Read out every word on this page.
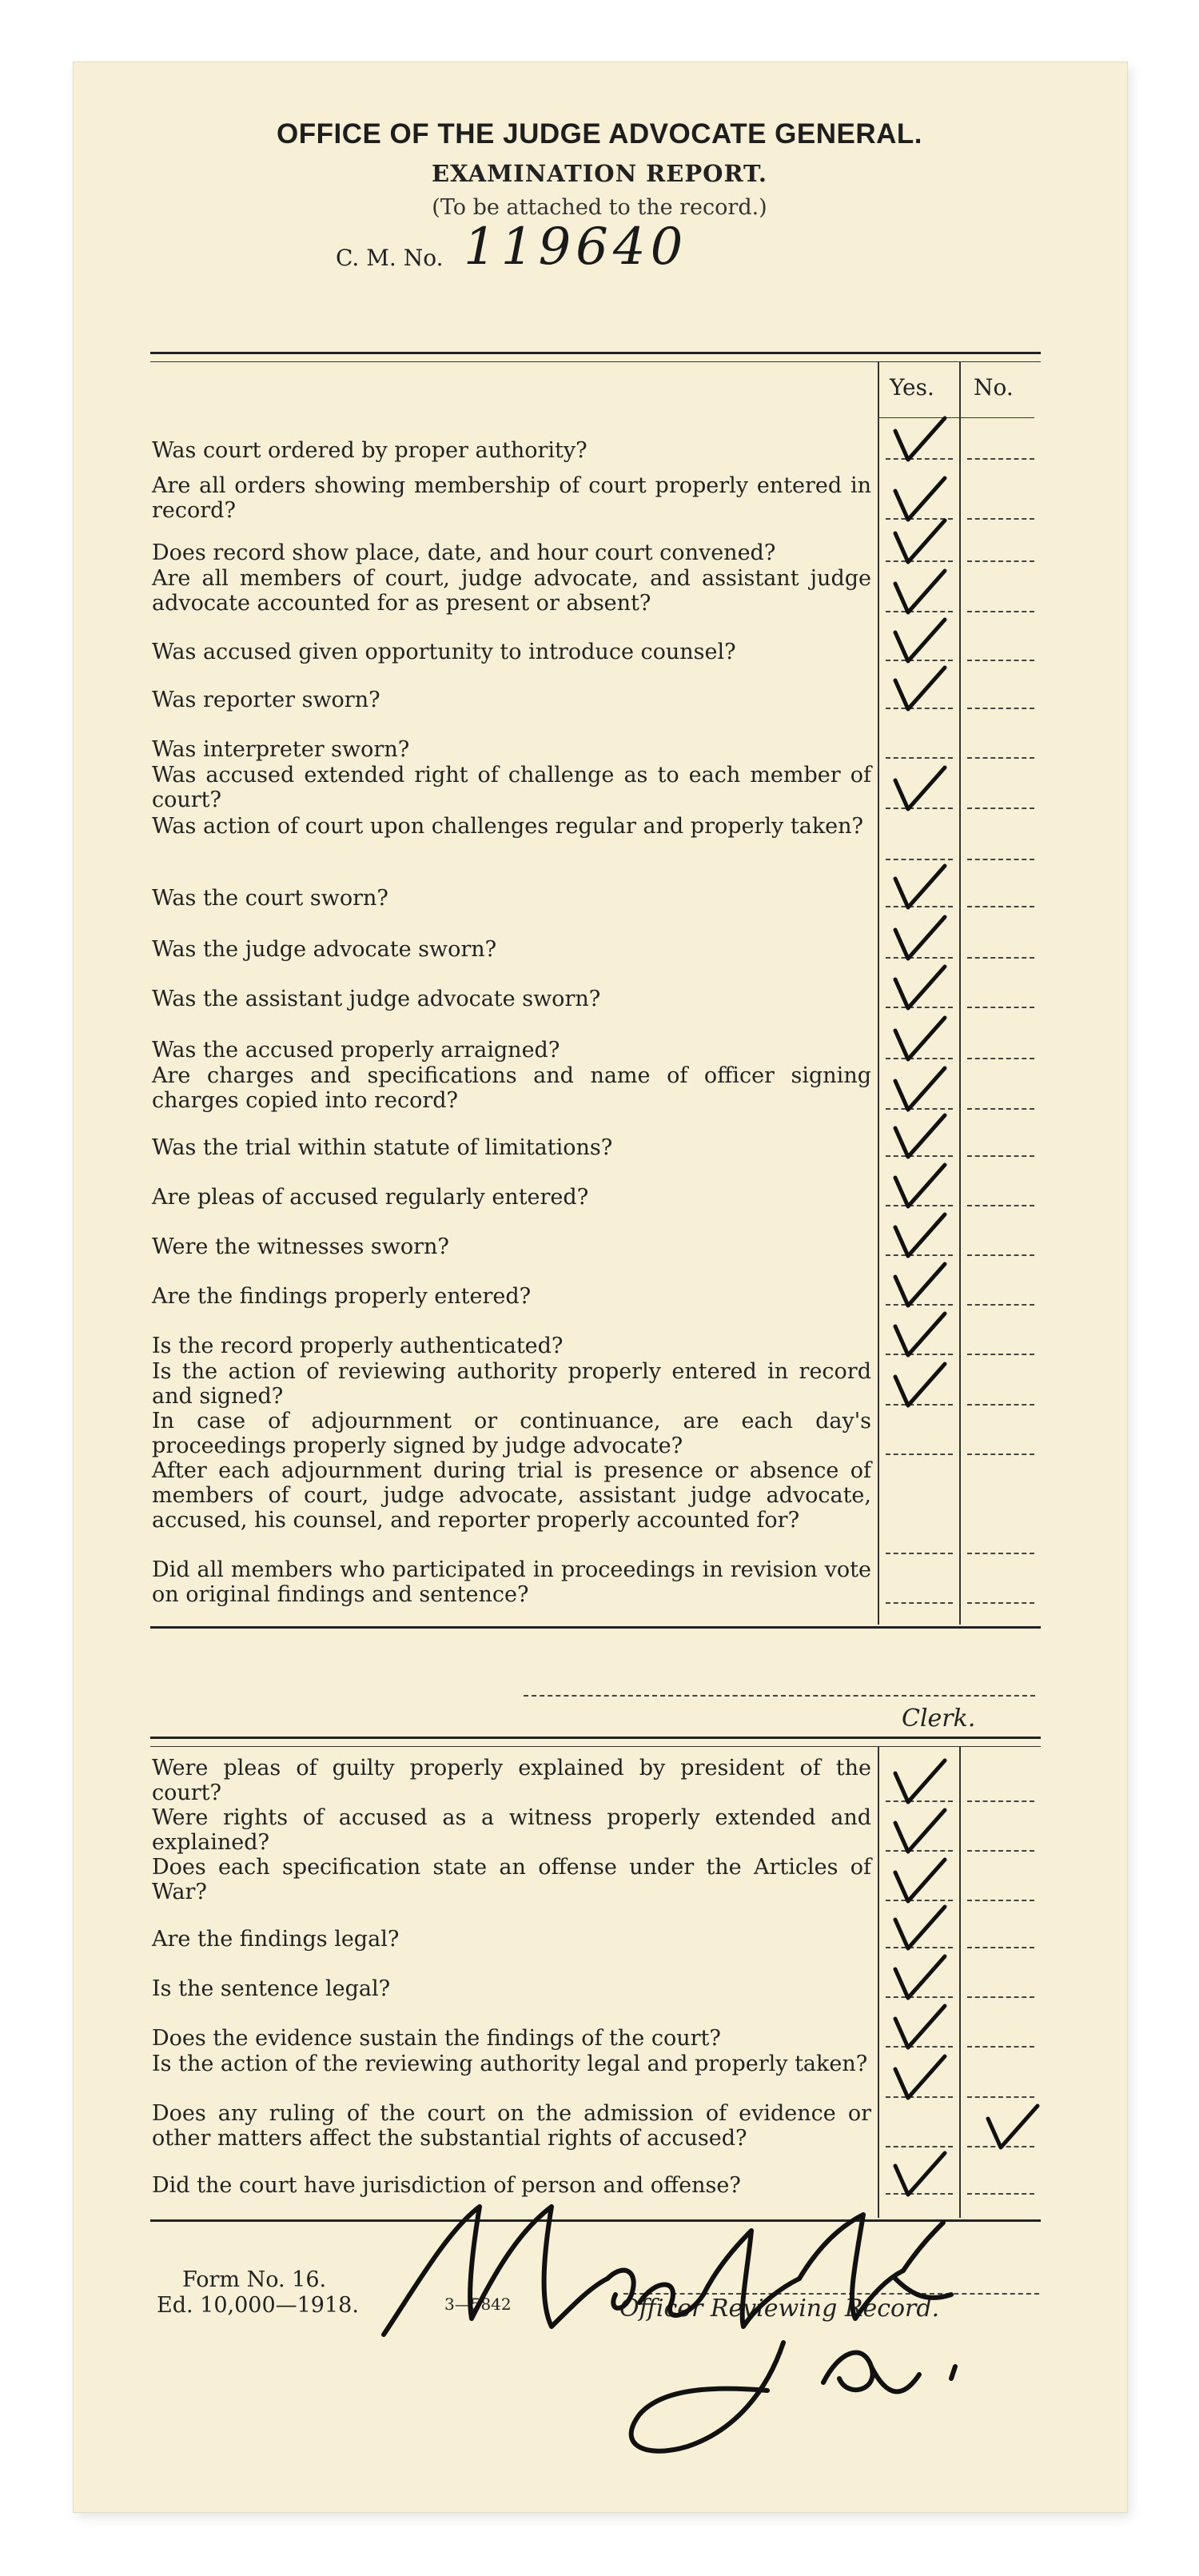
OFFICE OF THE JUDGE ADVOCATE GENERAL.
EXAMINATION REPORT.
(To be attached to the record.)
C. M. No. 119640
Yes. No.
Was court ordered by proper authority?
Are all orders showing membership of court properly entered in record?
Does record show place, date, and hour court convened?
Are all members of court, judge advocate, and assistant judge advocate accounted for as present or absent?
Was accused given opportunity to introduce counsel?
Was reporter sworn?
Was interpreter sworn?
Was accused extended right of challenge as to each member of court?
Was action of court upon challenges regular and properly taken?
Was the court sworn?
Was the judge advocate sworn?
Was the assistant judge advocate sworn?
Was the accused properly arraigned?
Are charges and specifications and name of officer signing charges copied into record?
Was the trial within statute of limitations?
Are pleas of accused regularly entered?
Were the witnesses sworn?
Are the findings properly entered?
Is the record properly authenticated?
Is the action of reviewing authority properly entered in record and signed?
In case of adjournment or continuance, are each day's proceedings properly signed by judge advocate?
After each adjournment during trial is presence or absence of members of court, judge advocate, assistant judge advocate, accused, his counsel, and reporter properly accounted for?
Did all members who participated in proceedings in revision vote on original findings and sentence?
Clerk.
Were pleas of guilty properly explained by president of the court?
Were rights of accused as a witness properly extended and explained?
Does each specification state an offense under the Articles of War?
Are the findings legal?
Is the sentence legal?
Does the evidence sustain the findings of the court?
Is the action of the reviewing authority legal and properly taken?
Does any ruling of the court on the admission of evidence or other matters affect the substantial rights of accused?
Did the court have jurisdiction of person and offense?
Form No. 16.
Ed. 10,000—1918.	3—5842	Officer Reviewing Record.
